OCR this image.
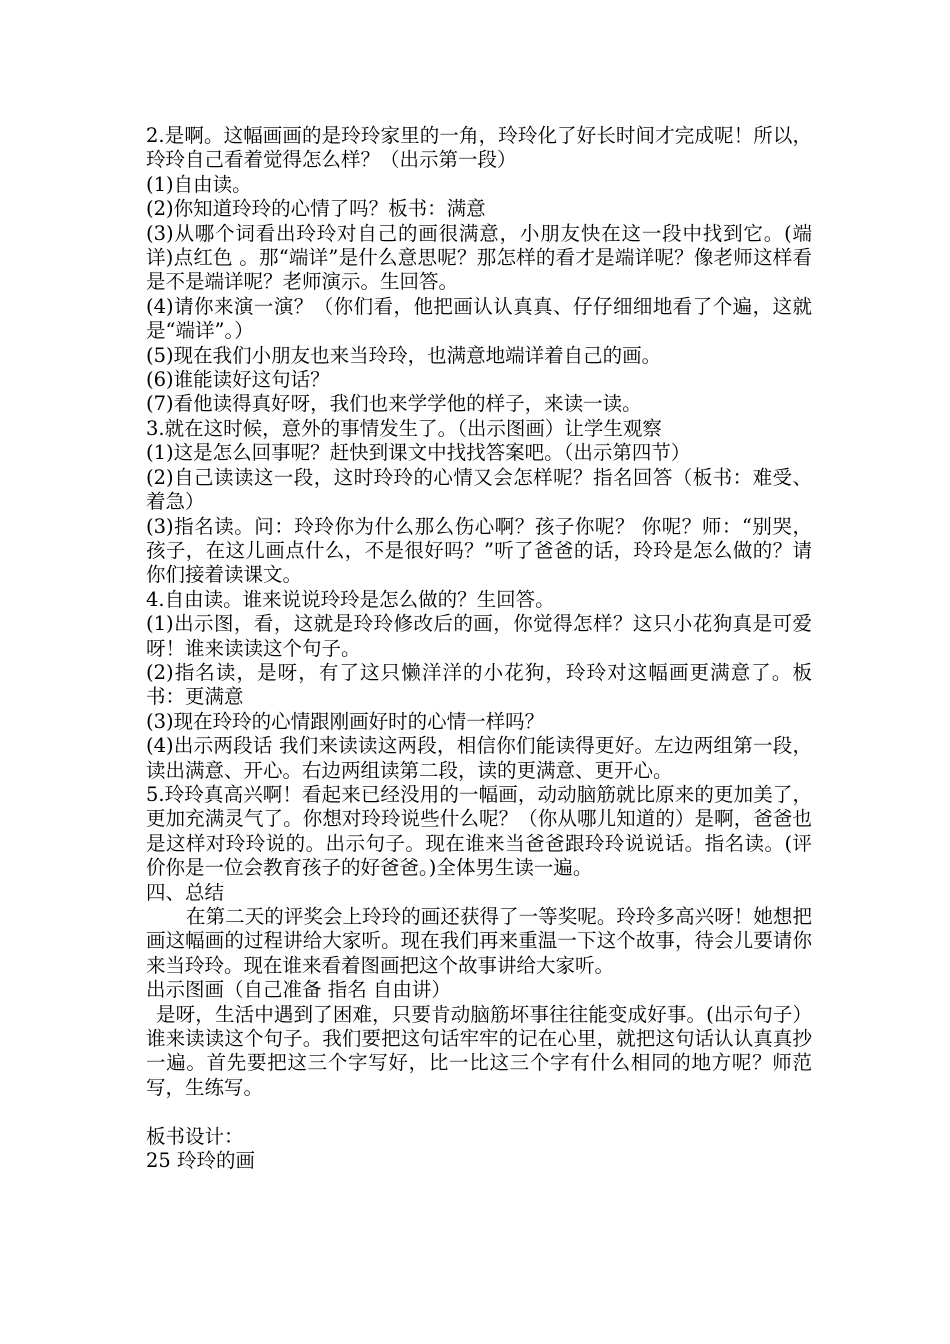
2.是啊。这幅画画的是玲玲家里的一角，玲玲化了好长时间才完成呢！所以，玲玲自己看着觉得怎么样？（出示第一段）

(1)自由读。

(2)你知道玲玲的心情了吗？板书：满意

(3)从哪个词看出玲玲对自己的画很满意，小朋友快在这一段中找到它。(端详)点红色 。那“端详”是什么意思呢？那怎样的看才是端详呢？像老师这样看是不是端详呢？老师演示。生回答。

(4)请你来演一演？（你们看，他把画认认真真、仔仔细细地看了个遍，这就是“端详”。）

(5)现在我们小朋友也来当玲玲，也满意地端详着自己的画。

(6)谁能读好这句话？

(7)看他读得真好呀，我们也来学学他的样子，来读一读。

3.就在这时候，意外的事情发生了。（出示图画）让学生观察

(1)这是怎么回事呢？赶快到课文中找找答案吧。（出示第四节）

(2)自己读读这一段，这时玲玲的心情又会怎样呢？指名回答（板书：难受、着急）

(3)指名读。问：玲玲你为什么那么伤心啊？孩子你呢？ 你呢？师：“别哭，孩子，在这儿画点什么，不是很好吗？”听了爸爸的话，玲玲是怎么做的？请你们接着读课文。

4.自由读。谁来说说玲玲是怎么做的？生回答。

(1)出示图，看，这就是玲玲修改后的画，你觉得怎样？这只小花狗真是可爱呀！谁来读读这个句子。

(2)指名读，是呀，有了这只懒洋洋的小花狗，玲玲对这幅画更满意了。板书：更满意

(3)现在玲玲的心情跟刚画好时的心情一样吗？

(4)出示两段话 我们来读读这两段，相信你们能读得更好。左边两组第一段，读出满意、开心。右边两组读第二段，读的更满意、更开心。

5.玲玲真高兴啊！看起来已经没用的一幅画，动动脑筋就比原来的更加美了，更加充满灵气了。你想对玲玲说些什么呢？（你从哪儿知道的）是啊，爸爸也是这样对玲玲说的。出示句子。现在谁来当爸爸跟玲玲说说话。指名读。(评价你是一位会教育孩子的好爸爸。)全体男生读一遍。

四、总结

在第二天的评奖会上玲玲的画还获得了一等奖呢。玲玲多高兴呀！她想把画这幅画的过程讲给大家听。现在我们再来重温一下这个故事，待会儿要请你来当玲玲。现在谁来看着图画把这个故事讲给大家听。

出示图画（自己准备 指名 自由讲）

是呀，生活中遇到了困难，只要肯动脑筋坏事往往能变成好事。(出示句子）谁来读读这个句子。我们要把这句话牢牢的记在心里，就把这句话认认真真抄一遍。首先要把这三个字写好，比一比这三个字有什么相同的地方呢？师范写，生练写。

板书设计：

25 玲玲的画
